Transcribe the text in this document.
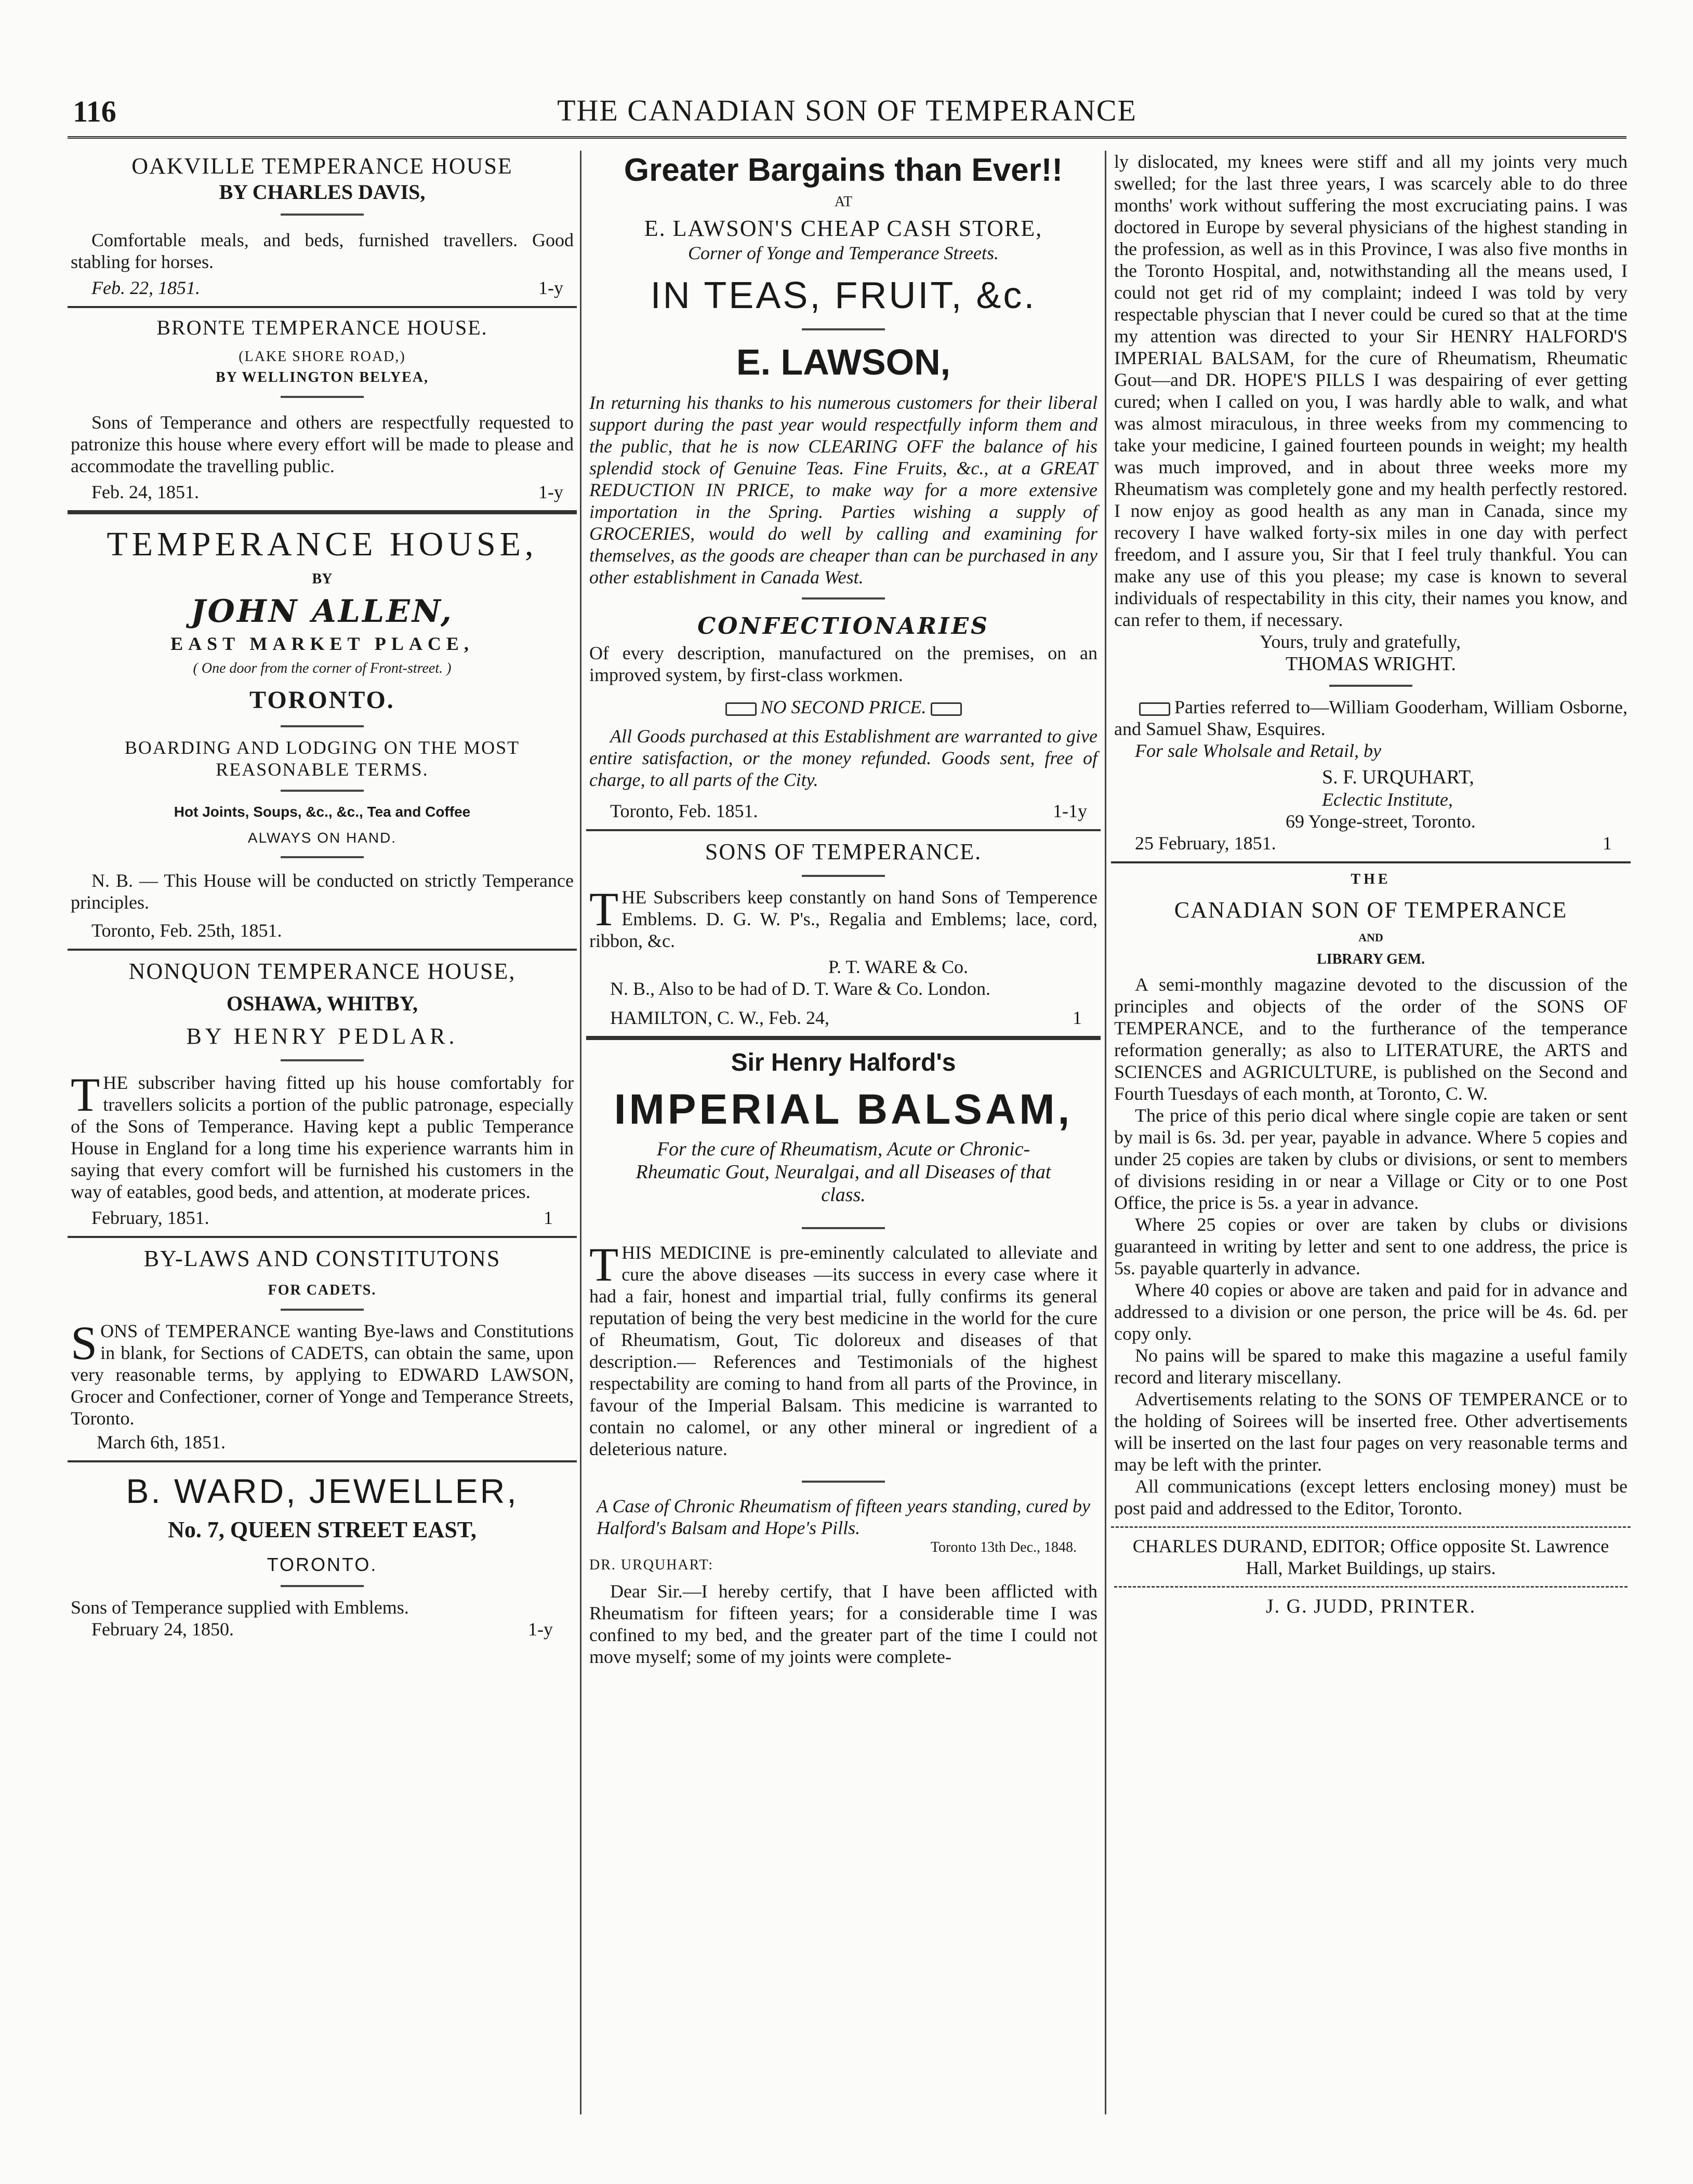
116	THE CANADIAN SON OF TEMPERANCE
OAKVILLE TEMPERANCE HOUSE
BY CHARLES DAVIS,

Comfortable meals, and beds, furnished travellers. Good stabling for horses.

Feb. 22, 1851.	1-y
BRONTE TEMPERANCE HOUSE.
(LAKE SHORE ROAD,)
BY WELLINGTON BELYEA,

Sons of Temperance and others are respectfully requested to patronize this house where every effort will be made to please and accommodate the travelling public.

Feb. 24, 1851.	1-y
TEMPERANCE HOUSE,
BY
JOHN ALLEN,
EAST MARKET PLACE,
( One door from the corner of Front-street. )
TORONTO.
BOARDING AND LODGING ON THE MOST REASONABLE TERMS.
Hot Joints, Soups, &c., &c., Tea and Coffee
ALWAYS ON HAND.

N. B. — This House will be conducted on strictly Temperance principles.

Toronto, Feb. 25th, 1851.
NONQUON TEMPERANCE HOUSE,
OSHAWA, WHITBY,
BY HENRY PEDLAR.

THE subscriber having fitted up his house comfortably for travellers solicits a portion of the public patronage, especially of the Sons of Temperance. Having kept a public Temperance House in England for a long time his experience warrants him in saying that every comfort will be furnished his customers in the way of eatables, good beds, and attention, at moderate prices.

February, 1851.	1
BY-LAWS AND CONSTITUTONS
FOR CADETS.

SONS of TEMPERANCE wanting Bye-laws and Constitutions in blank, for Sections of CADETS, can obtain the same, upon very reasonable terms, by applying to EDWARD LAWSON, Grocer and Confectioner, corner of Yonge and Temperance Streets, Toronto.

March 6th, 1851.
B. WARD, JEWELLER,
No. 7, QUEEN STREET EAST,
TORONTO.

Sons of Temperance supplied with Emblems.

February 24, 1850.	1-y
Greater Bargains than Ever!!
AT
E. LAWSON'S CHEAP CASH STORE,
Corner of Yonge and Temperance Streets.
IN TEAS, FRUIT, &c.
E. LAWSON,

In returning his thanks to his numerous customers for their liberal support during the past year would respectfully inform them and the public, that he is now CLEARING OFF the balance of his splendid stock of Genuine Teas. Fine Fruits, &c., at a GREAT REDUCTION IN PRICE, to make way for a more extensive importation in the Spring. Parties wishing a supply of GROCERIES, would do well by calling and examining for themselves, as the goods are cheaper than can be purchased in any other establishment in Canada West.

CONFECTIONARIES

Of every description, manufactured on the premises, on an improved system, by first-class workmen.

NO SECOND PRICE.

All Goods purchased at this Establishment are warranted to give entire satisfaction, or the money refunded. Goods sent, free of charge, to all parts of the City.

Toronto, Feb. 1851.	1-1y
SONS OF TEMPERANCE.

THE Subscribers keep constantly on hand Sons of Temperence Emblems. D. G. W. P's., Regalia and Emblems; lace, cord, ribbon, &c.

P. T. WARE & Co.

N. B., Also to be had of D. T. Ware & Co. London.

HAMILTON, C. W., Feb. 24,	1
Sir Henry Halford's
IMPERIAL BALSAM,
For the cure of Rheumatism, Acute or Chronic-Rheumatic Gout, Neuralgai, and all Diseases of that class.

THIS MEDICINE is pre-eminently calculated to alleviate and cure the above diseases —its success in every case where it had a fair, honest and impartial trial, fully confirms its general reputation of being the very best medicine in the world for the cure of Rheumatism, Gout, Tic doloreux and diseases of that description.— References and Testimonials of the highest respectability are coming to hand from all parts of the Province, in favour of the Imperial Balsam. This medicine is warranted to contain no calomel, or any other mineral or ingredient of a deleterious nature.

A Case of Chronic Rheumatism of fifteen years standing, cured by Halford's Balsam and Hope's Pills.

Toronto 13th Dec., 1848.
DR. URQUHART:

Dear Sir.—I hereby certify, that I have been afflicted with Rheumatism for fifteen years; for a considerable time I was confined to my bed, and the greater part of the time I could not move myself; some of my joints were complete-

ly dislocated, my knees were stiff and all my joints very much swelled; for the last three years, I was scarcely able to do three months' work without suffering the most excruciating pains. I was doctored in Europe by several physicians of the highest standing in the profession, as well as in this Province, I was also five months in the Toronto Hospital, and, notwithstanding all the means used, I could not get rid of my complaint; indeed I was told by very respectable physcian that I never could be cured so that at the time my attention was directed to your Sir HENRY HALFORD'S IMPERIAL BALSAM, for the cure of Rheumatism, Rheumatic Gout—and DR. HOPE'S PILLS I was despairing of ever getting cured; when I called on you, I was hardly able to walk, and what was almost miraculous, in three weeks from my commencing to take your medicine, I gained fourteen pounds in weight; my health was much improved, and in about three weeks more my Rheumatism was completely gone and my health perfectly restored. I now enjoy as good health as any man in Canada, since my recovery I have walked forty-six miles in one day with perfect freedom, and I assure you, Sir that I feel truly thankful. You can make any use of this you please; my case is known to several individuals of respectability in this city, their names you know, and can refer to them, if necessary.

Yours, truly and gratefully,
THOMAS WRIGHT.

Parties referred to—William Gooderham, William Osborne, and Samuel Shaw, Esquires.

For sale Wholsale and Retail, by
S. F. URQUHART,
Eclectic Institute,
69 Yonge-street, Toronto.
25 February, 1851.	1
THE
CANADIAN SON OF TEMPERANCE
AND
LIBRARY GEM.

A semi-monthly magazine devoted to the discussion of the principles and objects of the order of the SONS OF TEMPERANCE, and to the furtherance of the temperance reformation generally; as also to LITERATURE, the ARTS and SCIENCES and AGRICULTURE, is published on the Second and Fourth Tuesdays of each month, at Toronto, C. W.

The price of this perio dical where single copie are taken or sent by mail is 6s. 3d. per year, payable in advance. Where 5 copies and under 25 copies are taken by clubs or divisions, or sent to members of divisions residing in or near a Village or City or to one Post Office, the price is 5s. a year in advance.

Where 25 copies or over are taken by clubs or divisions guaranteed in writing by letter and sent to one address, the price is 5s. payable quarterly in advance.

Where 40 copies or above are taken and paid for in advance and addressed to a division or one person, the price will be 4s. 6d. per copy only.

No pains will be spared to make this magazine a useful family record and literary miscellany.

Advertisements relating to the SONS OF TEMPERANCE or to the holding of Soirees will be inserted free. Other advertisements will be inserted on the last four pages on very reasonable terms and may be left with the printer.

All communications (except letters enclosing money) must be post paid and addressed to the Editor, Toronto.

CHARLES DURAND, EDITOR; Office opposite St. Lawrence Hall, Market Buildings, up stairs.

J. G. JUDD, PRINTER.
